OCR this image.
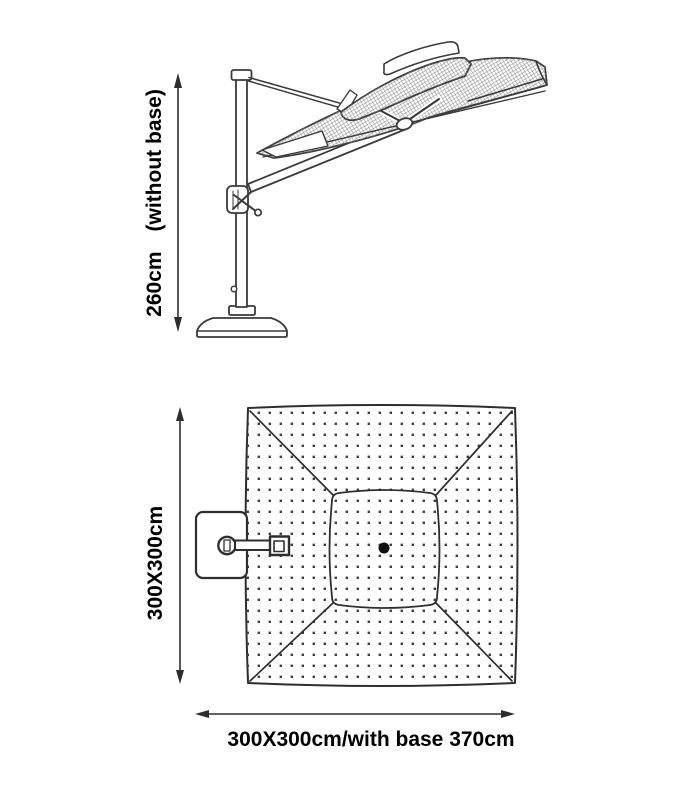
260cm
(without base)
300X300cm
300X300cm/with base 370cm
